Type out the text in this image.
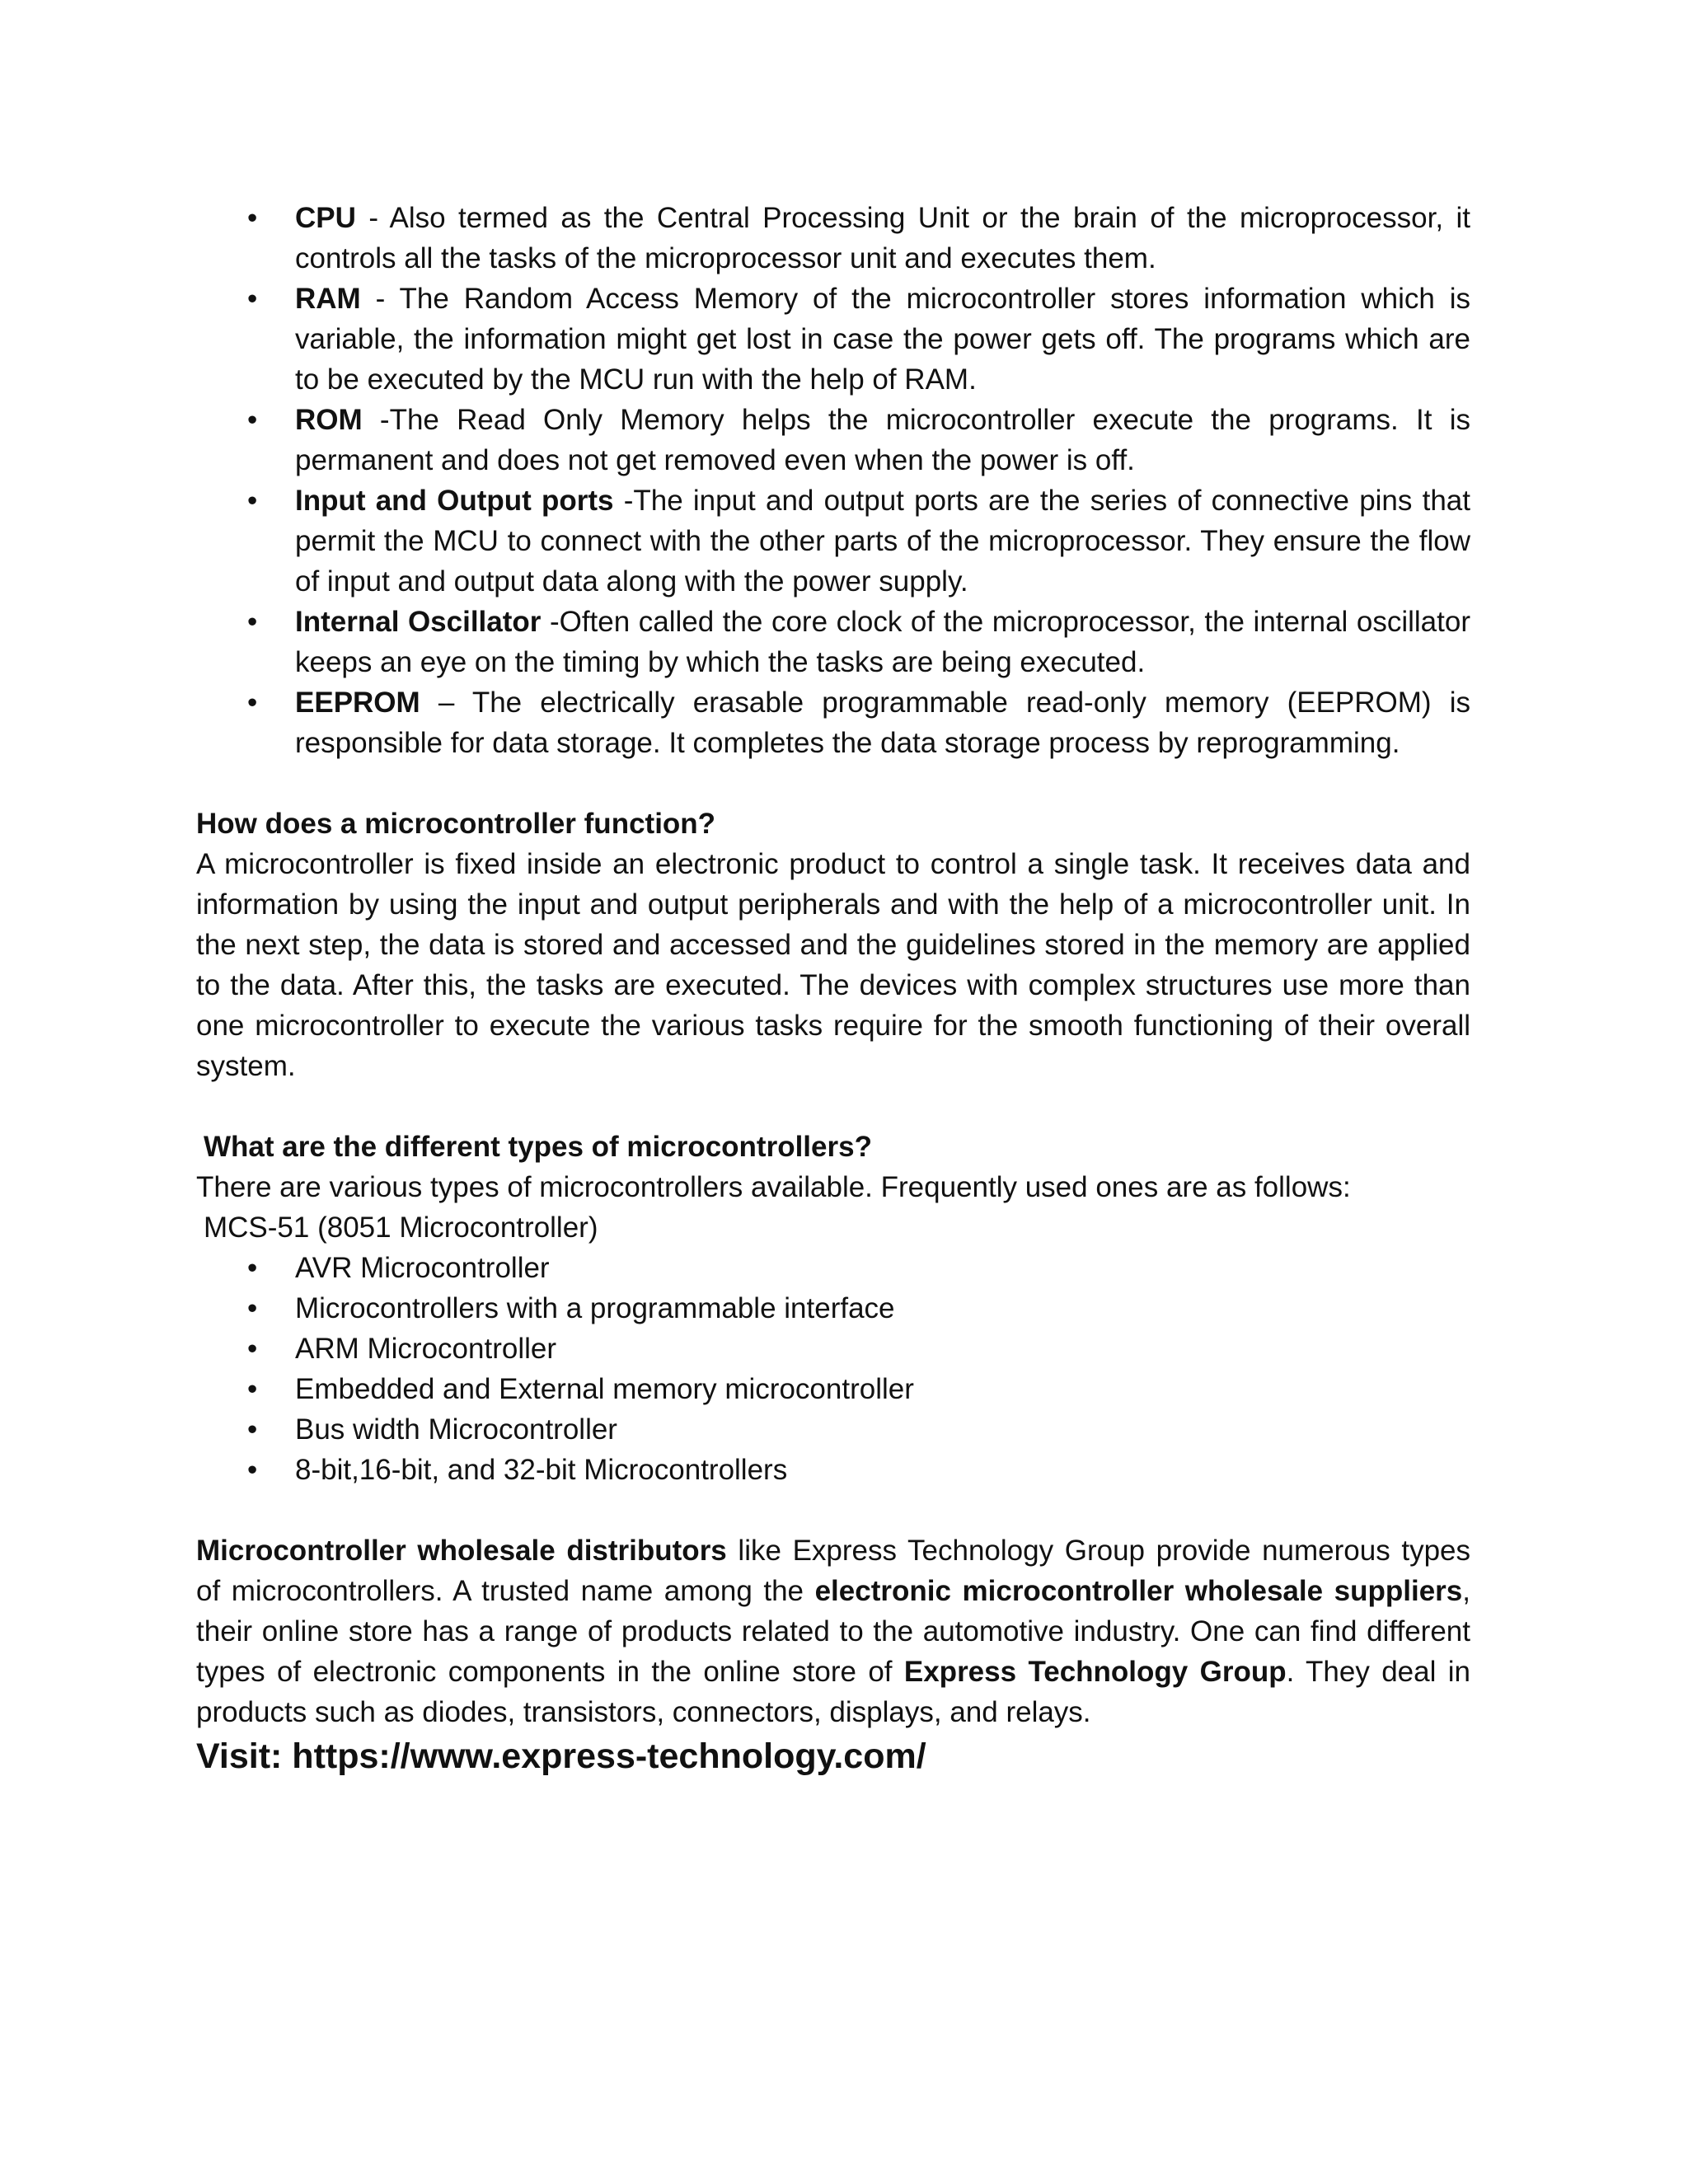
• CPU - Also termed as the Central Processing Unit or the brain of the microprocessor, it controls all the tasks of the microprocessor unit and executes them.
• RAM - The Random Access Memory of the microcontroller stores information which is variable, the information might get lost in case the power gets off. The programs which are to be executed by the MCU run with the help of RAM.
• ROM -The Read Only Memory helps the microcontroller execute the programs. It is permanent and does not get removed even when the power is off.
• Input and Output ports -The input and output ports are the series of connective pins that permit the MCU to connect with the other parts of the microprocessor. They ensure the flow of input and output data along with the power supply.
• Internal Oscillator -Often called the core clock of the microprocessor, the internal oscillator keeps an eye on the timing by which the tasks are being executed.
• EEPROM – The electrically erasable programmable read-only memory (EEPROM) is responsible for data storage. It completes the data storage process by reprogramming.

How does a microcontroller function?

A microcontroller is fixed inside an electronic product to control a single task. It receives data and information by using the input and output peripherals and with the help of a microcontroller unit. In the next step, the data is stored and accessed and the guidelines stored in the memory are applied to the data. After this, the tasks are executed. The devices with complex structures use more than one microcontroller to execute the various tasks require for the smooth functioning of their overall system.

What are the different types of microcontrollers?

There are various types of microcontrollers available. Frequently used ones are as follows:

MCS-51 (8051 Microcontroller)

• AVR Microcontroller
• Microcontrollers with a programmable interface
• ARM Microcontroller
• Embedded and External memory microcontroller
• Bus width Microcontroller
• 8-bit,16-bit, and 32-bit Microcontrollers

Microcontroller wholesale distributors like Express Technology Group provide numerous types of microcontrollers. A trusted name among the electronic microcontroller wholesale suppliers, their online store has a range of products related to the automotive industry. One can find different types of electronic components in the online store of Express Technology Group. They deal in products such as diodes, transistors, connectors, displays, and relays.

Visit: https://www.express-technology.com/
